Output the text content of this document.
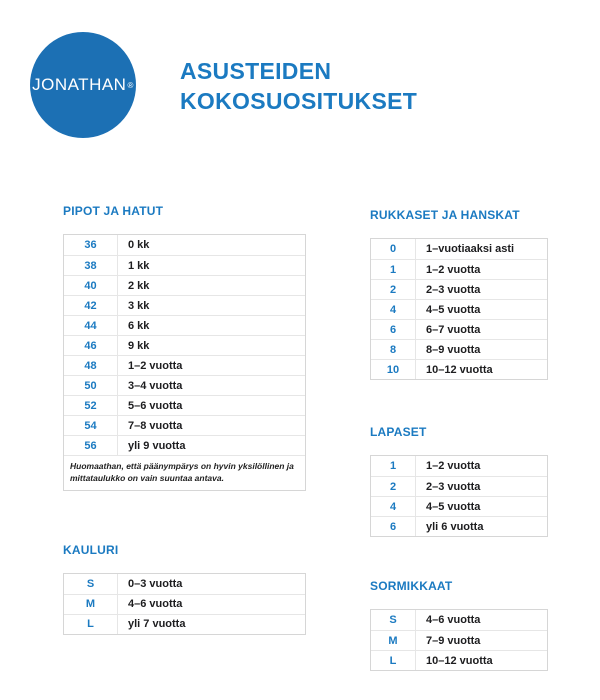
JONATHAN ®
ASUSTEIDEN
KOKOSUOSITUKSET
PIPOT JA HATUT
36	0 kk
38	1 kk
40	2 kk
42	3 kk
44	6 kk
46	9 kk
48	1–2 vuotta
50	3–4 vuotta
52	5–6 vuotta
54	7–8 vuotta
56	yli 9 vuotta
Huomaathan, että päänympärys on hyvin yksilöllinen ja mittataulukko on vain suuntaa antava.
KAULURI
S	0–3 vuotta
M	4–6 vuotta
L	yli 7 vuotta
RUKKASET JA HANSKAT
0	1–vuotiaaksi asti
1	1–2 vuotta
2	2–3 vuotta
4	4–5 vuotta
6	6–7 vuotta
8	8–9 vuotta
10	10–12 vuotta
LAPASET
1	1–2 vuotta
2	2–3 vuotta
4	4–5 vuotta
6	yli 6 vuotta
SORMIKKAAT
S	4–6 vuotta
M	7–9 vuotta
L	10–12 vuotta
